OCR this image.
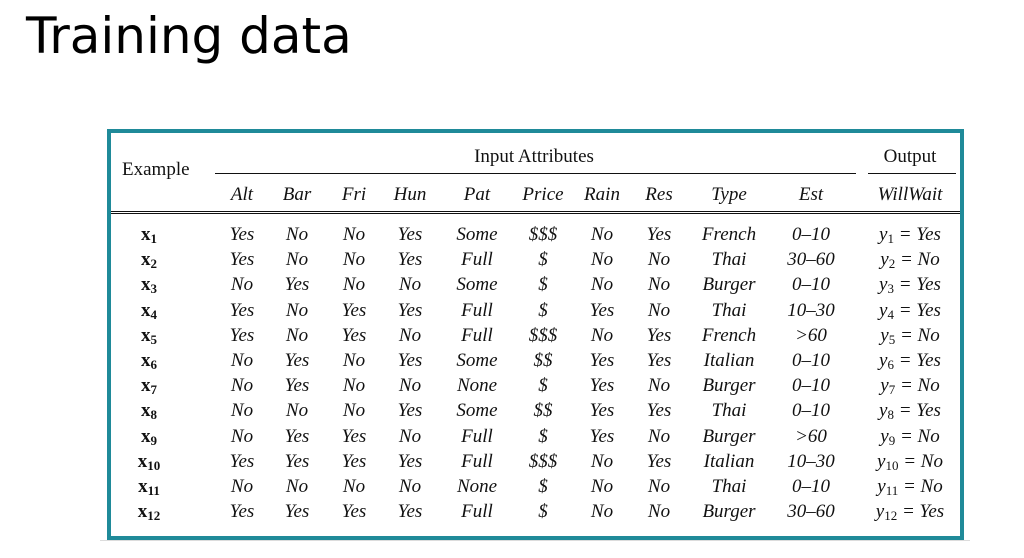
Training data
Example
Input Attributes	Output
Alt Bar Fri Hun Pat Price Rain Res Type	Est	WillWait
$x_1$	Yes No No Yes Some $$$ No Yes French 0–10	$y_1$ = Yes
$x_2$	Yes No No Yes Full $ No No Thai 30–60 $y_2 = No$
$x_3$	No Yes No No Some $ No No Burger 0–10	$y_3$ = Yes
$x_4$	Yes No Yes Yes Full $ Yes No Thai 10–30 $y_4$ = Yes
$x_5$	Yes No Yes No Full $$$ No Yes French >60	$y_5 = No$
$x_6$	No Yes No Yes Some $$ Yes Yes Italian 0–10	$y_6$ = Yes
$x_7$	No Yes No No None $ Yes No Burger 0–10	$y_7 = No$
$x_8$	No No No Yes Some $$ Yes Yes Thai 0–10	$y_8$ = Yes
$x_9$	No Yes Yes No Full $ Yes No Burger >60	$y_9 = No$
$x_{10}$	Yes Yes Yes Yes Full $$$ No Yes Italian 10–30 $y_{10} = No$
$x_{11}$	No No No No None $ No No Thai 0–10 $y_{11} = No$
$x_{12}$	Yes Yes Yes Yes Full $ No No Burger 30–60 $y_{12}$ = Yes
